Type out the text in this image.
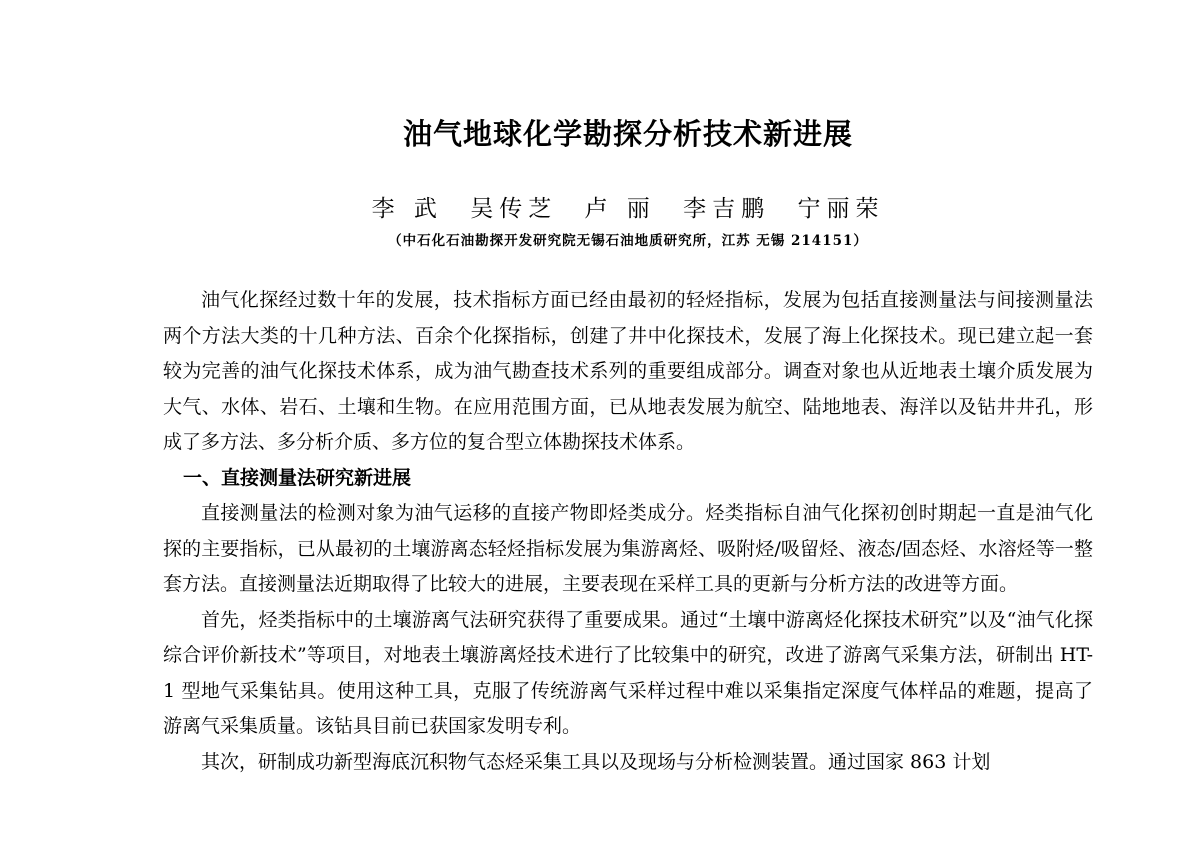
油气地球化学勘探分析技术新进展
李 武 吴传芝 卢 丽 李吉鹏 宁丽荣
（中石化石油勘探开发研究院无锡石油地质研究所，江苏 无锡 214151）

油气化探经过数十年的发展，技术指标方面已经由最初的轻烃指标，发展为包括直接测量法与间接测量法两个方法大类的十几种方法、百余个化探指标，创建了井中化探技术，发展了海上化探技术。现已建立起一套较为完善的油气化探技术体系，成为油气勘查技术系列的重要组成部分。调查对象也从近地表土壤介质发展为大气、水体、岩石、土壤和生物。在应用范围方面，已从地表发展为航空、陆地地表、海洋以及钻井井孔，形成了多方法、多分析介质、多方位的复合型立体勘探技术体系。

一、直接测量法研究新进展

直接测量法的检测对象为油气运移的直接产物即烃类成分。烃类指标自油气化探初创时期起一直是油气化探的主要指标，已从最初的土壤游离态轻烃指标发展为集游离烃、吸附烃/吸留烃、液态/固态烃、水溶烃等一整套方法。直接测量法近期取得了比较大的进展，主要表现在采样工具的更新与分析方法的改进等方面。

首先，烃类指标中的土壤游离气法研究获得了重要成果。通过“土壤中游离烃化探技术研究”以及“油气化探综合评价新技术”等项目，对地表土壤游离烃技术进行了比较集中的研究，改进了游离气采集方法，研制出 HT-1 型地气采集钻具。使用这种工具，克服了传统游离气采样过程中难以采集指定深度气体样品的难题，提高了游离气采集质量。该钻具目前已获国家发明专利。

其次，研制成功新型海底沉积物气态烃采集工具以及现场与分析检测装置。通过国家 863 计划
